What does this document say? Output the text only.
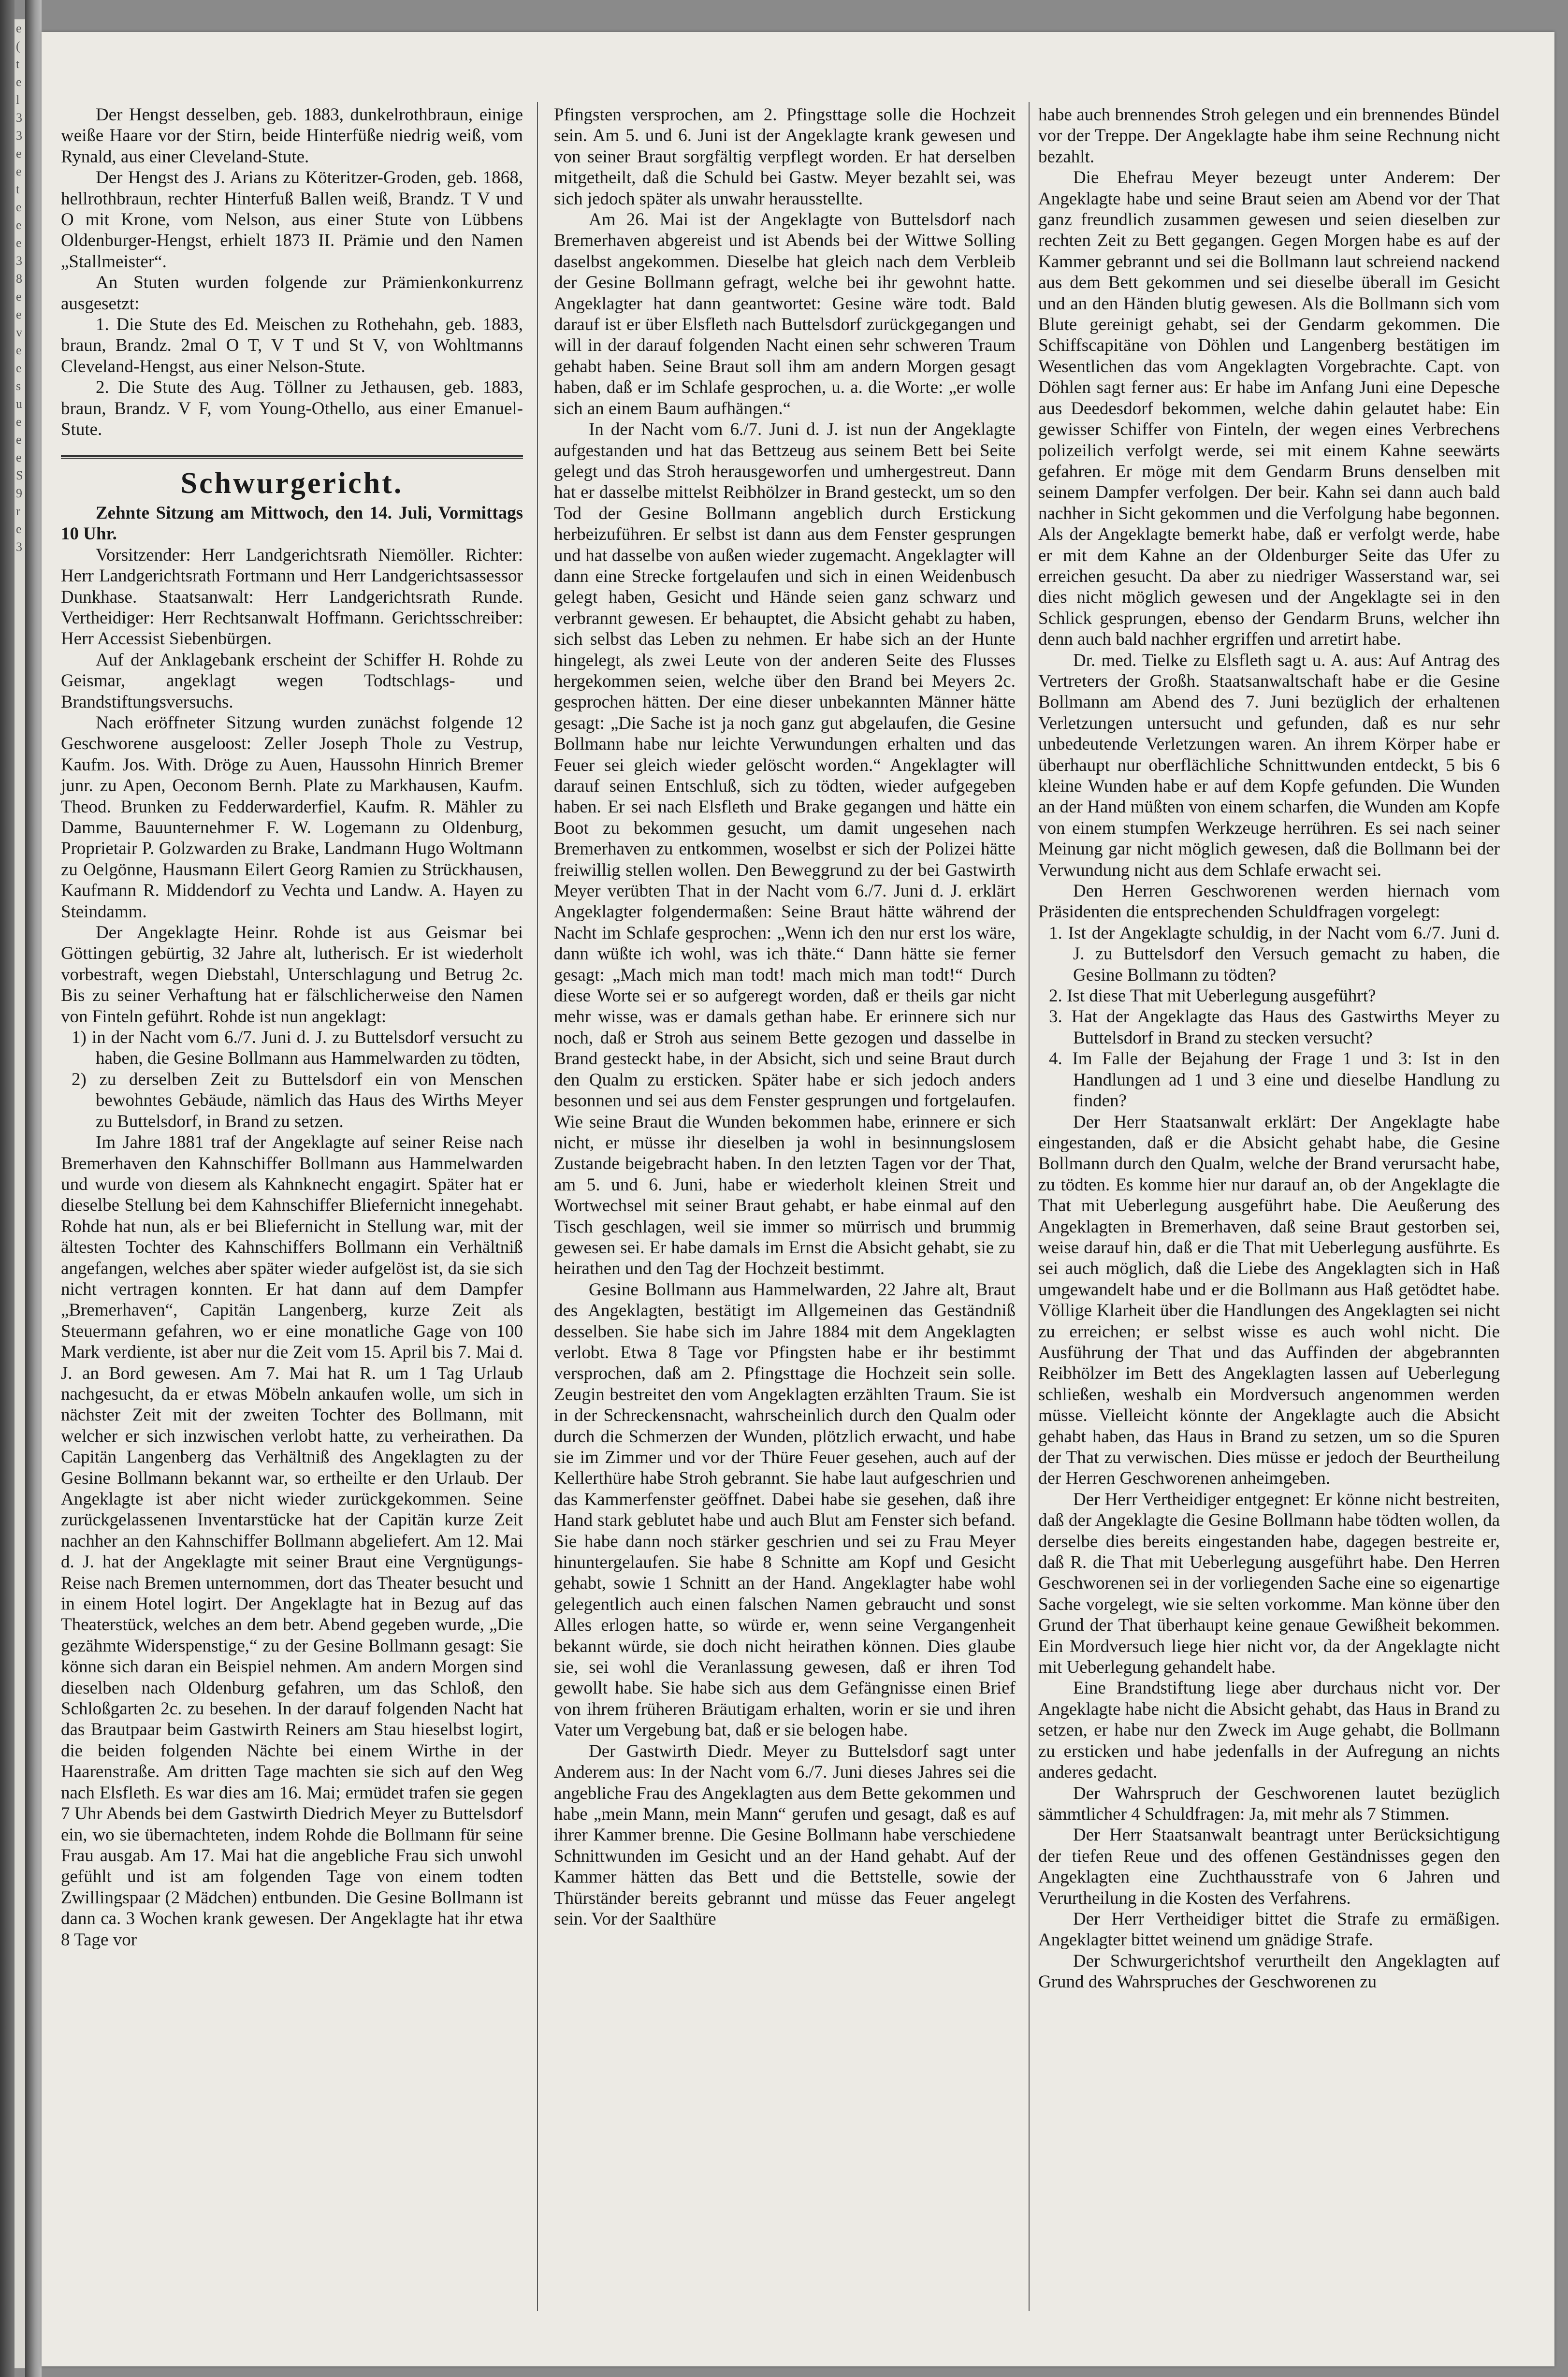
e
(
t
e
l
3
3
e
e
t
e
e
e
3
8
e
e
v
e
e
s
u
e
e
e
S
9
r
e
3

Der Hengst desselben, geb. 1883, dunkelrothbraun, einige weiße Haare vor der Stirn, beide Hinterfüße niedrig weiß, vom Rynald, aus einer Cleveland-Stute.

Der Hengst des J. Arians zu Köteritzer-Groden, geb. 1868, hellrothbraun, rechter Hinterfuß Ballen weiß, Brandz. T V und O mit Krone, vom Nelson, aus einer Stute von Lübbens Oldenburger-Hengst, erhielt 1873 II. Prämie und den Namen „Stallmeister“.

An Stuten wurden folgende zur Prämienkonkurrenz ausgesetzt:

1. Die Stute des Ed. Meischen zu Rothehahn, geb. 1883, braun, Brandz. 2mal O T, V T und St V, von Wohltmanns Cleveland-Hengst, aus einer Nelson-Stute.

2. Die Stute des Aug. Töllner zu Jethausen, geb. 1883, braun, Brandz. V F, vom Young-Othello, aus einer Emanuel-Stute.

Schwurgericht.

Zehnte Sitzung am Mittwoch, den 14. Juli, Vormittags 10 Uhr.

Vorsitzender: Herr Landgerichtsrath Niemöller. Richter: Herr Landgerichtsrath Fortmann und Herr Landgerichtsassessor Dunkhase. Staatsanwalt: Herr Landgerichtsrath Runde. Vertheidiger: Herr Rechtsanwalt Hoffmann. Gerichtsschreiber: Herr Accessist Siebenbürgen.

Auf der Anklagebank erscheint der Schiffer H. Rohde zu Geismar, angeklagt wegen Todtschlags- und Brandstiftungsversuchs.

Nach eröffneter Sitzung wurden zunächst folgende 12 Geschworene ausgeloost: Zeller Joseph Thole zu Vestrup, Kaufm. Jos. With. Dröge zu Auen, Haussohn Hinrich Bremer junr. zu Apen, Oeconom Bernh. Plate zu Markhausen, Kaufm. Theod. Brunken zu Fedderwarderfiel, Kaufm. R. Mähler zu Damme, Bauunternehmer F. W. Logemann zu Oldenburg, Proprietair P. Golzwarden zu Brake, Landmann Hugo Woltmann zu Oelgönne, Hausmann Eilert Georg Ramien zu Strückhausen, Kaufmann R. Middendorf zu Vechta und Landw. A. Hayen zu Steindamm.

Der Angeklagte Heinr. Rohde ist aus Geismar bei Göttingen gebürtig, 32 Jahre alt, lutherisch. Er ist wiederholt vorbestraft, wegen Diebstahl, Unterschlagung und Betrug 2c. Bis zu seiner Verhaftung hat er fälschlicherweise den Namen von Finteln geführt. Rohde ist nun angeklagt:

1) in der Nacht vom 6./7. Juni d. J. zu Buttelsdorf versucht zu haben, die Gesine Bollmann aus Hammelwarden zu tödten,

2) zu derselben Zeit zu Buttelsdorf ein von Menschen bewohntes Gebäude, nämlich das Haus des Wirths Meyer zu Buttelsdorf, in Brand zu setzen.

Im Jahre 1881 traf der Angeklagte auf seiner Reise nach Bremerhaven den Kahnschiffer Bollmann aus Hammelwarden und wurde von diesem als Kahnknecht engagirt. Später hat er dieselbe Stellung bei dem Kahnschiffer Bliefernicht innegehabt. Rohde hat nun, als er bei Bliefernicht in Stellung war, mit der ältesten Tochter des Kahnschiffers Bollmann ein Verhältniß angefangen, welches aber später wieder aufgelöst ist, da sie sich nicht vertragen konnten. Er hat dann auf dem Dampfer „Bremerhaven“, Capitän Langenberg, kurze Zeit als Steuermann gefahren, wo er eine monatliche Gage von 100 Mark verdiente, ist aber nur die Zeit vom 15. April bis 7. Mai d. J. an Bord gewesen. Am 7. Mai hat R. um 1 Tag Urlaub nachgesucht, da er etwas Möbeln ankaufen wolle, um sich in nächster Zeit mit der zweiten Tochter des Bollmann, mit welcher er sich inzwischen verlobt hatte, zu verheirathen. Da Capitän Langenberg das Verhältniß des Angeklagten zu der Gesine Bollmann bekannt war, so ertheilte er den Urlaub. Der Angeklagte ist aber nicht wieder zurückgekommen. Seine zurückgelassenen Inventarstücke hat der Capitän kurze Zeit nachher an den Kahnschiffer Bollmann abgeliefert. Am 12. Mai d. J. hat der Angeklagte mit seiner Braut eine Vergnügungs-Reise nach Bremen unternommen, dort das Theater besucht und in einem Hotel logirt. Der Angeklagte hat in Bezug auf das Theaterstück, welches an dem betr. Abend gegeben wurde, „Die gezähmte Widerspenstige,“ zu der Gesine Bollmann gesagt: Sie könne sich daran ein Beispiel nehmen. Am andern Morgen sind dieselben nach Oldenburg gefahren, um das Schloß, den Schloßgarten 2c. zu besehen. In der darauf folgenden Nacht hat das Brautpaar beim Gastwirth Reiners am Stau hieselbst logirt, die beiden folgenden Nächte bei einem Wirthe in der Haarenstraße. Am dritten Tage machten sie sich auf den Weg nach Elsfleth. Es war dies am 16. Mai; ermüdet trafen sie gegen 7 Uhr Abends bei dem Gastwirth Diedrich Meyer zu Buttelsdorf ein, wo sie übernachteten, indem Rohde die Bollmann für seine Frau ausgab. Am 17. Mai hat die angebliche Frau sich unwohl gefühlt und ist am folgenden Tage von einem todten Zwillingspaar (2 Mädchen) entbunden. Die Gesine Bollmann ist dann ca. 3 Wochen krank gewesen. Der Angeklagte hat ihr etwa 8 Tage vor

Pfingsten versprochen, am 2. Pfingsttage solle die Hochzeit sein. Am 5. und 6. Juni ist der Angeklagte krank gewesen und von seiner Braut sorgfältig verpflegt worden. Er hat derselben mitgetheilt, daß die Schuld bei Gastw. Meyer bezahlt sei, was sich jedoch später als unwahr herausstellte.

Am 26. Mai ist der Angeklagte von Buttelsdorf nach Bremerhaven abgereist und ist Abends bei der Wittwe Solling daselbst angekommen. Dieselbe hat gleich nach dem Verbleib der Gesine Bollmann gefragt, welche bei ihr gewohnt hatte. Angeklagter hat dann geantwortet: Gesine wäre todt. Bald darauf ist er über Elsfleth nach Buttelsdorf zurückgegangen und will in der darauf folgenden Nacht einen sehr schweren Traum gehabt haben. Seine Braut soll ihm am andern Morgen gesagt haben, daß er im Schlafe gesprochen, u. a. die Worte: „er wolle sich an einem Baum aufhängen.“

In der Nacht vom 6./7. Juni d. J. ist nun der Angeklagte aufgestanden und hat das Bettzeug aus seinem Bett bei Seite gelegt und das Stroh herausgeworfen und umhergestreut. Dann hat er dasselbe mittelst Reibhölzer in Brand gesteckt, um so den Tod der Gesine Bollmann angeblich durch Erstickung herbeizuführen. Er selbst ist dann aus dem Fenster gesprungen und hat dasselbe von außen wieder zugemacht. Angeklagter will dann eine Strecke fortgelaufen und sich in einen Weidenbusch gelegt haben, Gesicht und Hände seien ganz schwarz und verbrannt gewesen. Er behauptet, die Absicht gehabt zu haben, sich selbst das Leben zu nehmen. Er habe sich an der Hunte hingelegt, als zwei Leute von der anderen Seite des Flusses hergekommen seien, welche über den Brand bei Meyers 2c. gesprochen hätten. Der eine dieser unbekannten Männer hätte gesagt: „Die Sache ist ja noch ganz gut abgelaufen, die Gesine Bollmann habe nur leichte Verwundungen erhalten und das Feuer sei gleich wieder gelöscht worden.“ Angeklagter will darauf seinen Entschluß, sich zu tödten, wieder aufgegeben haben. Er sei nach Elsfleth und Brake gegangen und hätte ein Boot zu bekommen gesucht, um damit ungesehen nach Bremerhaven zu entkommen, woselbst er sich der Polizei hätte freiwillig stellen wollen. Den Beweggrund zu der bei Gastwirth Meyer verübten That in der Nacht vom 6./7. Juni d. J. erklärt Angeklagter folgendermaßen: Seine Braut hätte während der Nacht im Schlafe gesprochen: „Wenn ich den nur erst los wäre, dann wüßte ich wohl, was ich thäte.“ Dann hätte sie ferner gesagt: „Mach mich man todt! mach mich man todt!“ Durch diese Worte sei er so aufgeregt worden, daß er theils gar nicht mehr wisse, was er damals gethan habe. Er erinnere sich nur noch, daß er Stroh aus seinem Bette gezogen und dasselbe in Brand gesteckt habe, in der Absicht, sich und seine Braut durch den Qualm zu ersticken. Später habe er sich jedoch anders besonnen und sei aus dem Fenster gesprungen und fortgelaufen. Wie seine Braut die Wunden bekommen habe, erinnere er sich nicht, er müsse ihr dieselben ja wohl in besinnungslosem Zustande beigebracht haben. In den letzten Tagen vor der That, am 5. und 6. Juni, habe er wiederholt kleinen Streit und Wortwechsel mit seiner Braut gehabt, er habe einmal auf den Tisch geschlagen, weil sie immer so mürrisch und brummig gewesen sei. Er habe damals im Ernst die Absicht gehabt, sie zu heirathen und den Tag der Hochzeit bestimmt.

Gesine Bollmann aus Hammelwarden, 22 Jahre alt, Braut des Angeklagten, bestätigt im Allgemeinen das Geständniß desselben. Sie habe sich im Jahre 1884 mit dem Angeklagten verlobt. Etwa 8 Tage vor Pfingsten habe er ihr bestimmt versprochen, daß am 2. Pfingsttage die Hochzeit sein solle. Zeugin bestreitet den vom Angeklagten erzählten Traum. Sie ist in der Schreckensnacht, wahrscheinlich durch den Qualm oder durch die Schmerzen der Wunden, plötzlich erwacht, und habe sie im Zimmer und vor der Thüre Feuer gesehen, auch auf der Kellerthüre habe Stroh gebrannt. Sie habe laut aufgeschrien und das Kammerfenster geöffnet. Dabei habe sie gesehen, daß ihre Hand stark geblutet habe und auch Blut am Fenster sich befand. Sie habe dann noch stärker geschrien und sei zu Frau Meyer hinuntergelaufen. Sie habe 8 Schnitte am Kopf und Gesicht gehabt, sowie 1 Schnitt an der Hand. Angeklagter habe wohl gelegentlich auch einen falschen Namen gebraucht und sonst Alles erlogen hatte, so würde er, wenn seine Vergangenheit bekannt würde, sie doch nicht heirathen können. Dies glaube sie, sei wohl die Veranlassung gewesen, daß er ihren Tod gewollt habe. Sie habe sich aus dem Gefängnisse einen Brief von ihrem früheren Bräutigam erhalten, worin er sie und ihren Vater um Vergebung bat, daß er sie belogen habe.

Der Gastwirth Diedr. Meyer zu Buttelsdorf sagt unter Anderem aus: In der Nacht vom 6./7. Juni dieses Jahres sei die angebliche Frau des Angeklagten aus dem Bette gekommen und habe „mein Mann, mein Mann“ gerufen und gesagt, daß es auf ihrer Kammer brenne. Die Gesine Bollmann habe verschiedene Schnittwunden im Gesicht und an der Hand gehabt. Auf der Kammer hätten das Bett und die Bettstelle, sowie der Thürständer bereits gebrannt und müsse das Feuer angelegt sein. Vor der Saalthüre

habe auch brennendes Stroh gelegen und ein brennendes Bündel vor der Treppe. Der Angeklagte habe ihm seine Rechnung nicht bezahlt.

Die Ehefrau Meyer bezeugt unter Anderem: Der Angeklagte habe und seine Braut seien am Abend vor der That ganz freundlich zusammen gewesen und seien dieselben zur rechten Zeit zu Bett gegangen. Gegen Morgen habe es auf der Kammer gebrannt und sei die Bollmann laut schreiend nackend aus dem Bett gekommen und sei dieselbe überall im Gesicht und an den Händen blutig gewesen. Als die Bollmann sich vom Blute gereinigt gehabt, sei der Gendarm gekommen. Die Schiffscapitäne von Döhlen und Langenberg bestätigen im Wesentlichen das vom Angeklagten Vorgebrachte. Capt. von Döhlen sagt ferner aus: Er habe im Anfang Juni eine Depesche aus Deedesdorf bekommen, welche dahin gelautet habe: Ein gewisser Schiffer von Finteln, der wegen eines Verbrechens polizeilich verfolgt werde, sei mit einem Kahne seewärts gefahren. Er möge mit dem Gendarm Bruns denselben mit seinem Dampfer verfolgen. Der beir. Kahn sei dann auch bald nachher in Sicht gekommen und die Verfolgung habe begonnen. Als der Angeklagte bemerkt habe, daß er verfolgt werde, habe er mit dem Kahne an der Oldenburger Seite das Ufer zu erreichen gesucht. Da aber zu niedriger Wasserstand war, sei dies nicht möglich gewesen und der Angeklagte sei in den Schlick gesprungen, ebenso der Gendarm Bruns, welcher ihn denn auch bald nachher ergriffen und arretirt habe.

Dr. med. Tielke zu Elsfleth sagt u. A. aus: Auf Antrag des Vertreters der Großh. Staatsanwaltschaft habe er die Gesine Bollmann am Abend des 7. Juni bezüglich der erhaltenen Verletzungen untersucht und gefunden, daß es nur sehr unbedeutende Verletzungen waren. An ihrem Körper habe er überhaupt nur oberflächliche Schnittwunden entdeckt, 5 bis 6 kleine Wunden habe er auf dem Kopfe gefunden. Die Wunden an der Hand müßten von einem scharfen, die Wunden am Kopfe von einem stumpfen Werkzeuge herrühren. Es sei nach seiner Meinung gar nicht möglich gewesen, daß die Bollmann bei der Verwundung nicht aus dem Schlafe erwacht sei.

Den Herren Geschworenen werden hiernach vom Präsidenten die entsprechenden Schuldfragen vorgelegt:

1. Ist der Angeklagte schuldig, in der Nacht vom 6./7. Juni d. J. zu Buttelsdorf den Versuch gemacht zu haben, die Gesine Bollmann zu tödten?

2. Ist diese That mit Ueberlegung ausgeführt?

3. Hat der Angeklagte das Haus des Gastwirths Meyer zu Buttelsdorf in Brand zu stecken versucht?

4. Im Falle der Bejahung der Frage 1 und 3: Ist in den Handlungen ad 1 und 3 eine und dieselbe Handlung zu finden?

Der Herr Staatsanwalt erklärt: Der Angeklagte habe eingestanden, daß er die Absicht gehabt habe, die Gesine Bollmann durch den Qualm, welche der Brand verursacht habe, zu tödten. Es komme hier nur darauf an, ob der Angeklagte die That mit Ueberlegung ausgeführt habe. Die Aeußerung des Angeklagten in Bremerhaven, daß seine Braut gestorben sei, weise darauf hin, daß er die That mit Ueberlegung ausführte. Es sei auch möglich, daß die Liebe des Angeklagten sich in Haß umgewandelt habe und er die Bollmann aus Haß getödtet habe. Völlige Klarheit über die Handlungen des Angeklagten sei nicht zu erreichen; er selbst wisse es auch wohl nicht. Die Ausführung der That und das Auffinden der abgebrannten Reibhölzer im Bett des Angeklagten lassen auf Ueberlegung schließen, weshalb ein Mordversuch angenommen werden müsse. Vielleicht könnte der Angeklagte auch die Absicht gehabt haben, das Haus in Brand zu setzen, um so die Spuren der That zu verwischen. Dies müsse er jedoch der Beurtheilung der Herren Geschworenen anheimgeben.

Der Herr Vertheidiger entgegnet: Er könne nicht bestreiten, daß der Angeklagte die Gesine Bollmann habe tödten wollen, da derselbe dies bereits eingestanden habe, dagegen bestreite er, daß R. die That mit Ueberlegung ausgeführt habe. Den Herren Geschworenen sei in der vorliegenden Sache eine so eigenartige Sache vorgelegt, wie sie selten vorkomme. Man könne über den Grund der That überhaupt keine genaue Gewißheit bekommen. Ein Mordversuch liege hier nicht vor, da der Angeklagte nicht mit Ueberlegung gehandelt habe.

Eine Brandstiftung liege aber durchaus nicht vor. Der Angeklagte habe nicht die Absicht gehabt, das Haus in Brand zu setzen, er habe nur den Zweck im Auge gehabt, die Bollmann zu ersticken und habe jedenfalls in der Aufregung an nichts anderes gedacht.

Der Wahrspruch der Geschworenen lautet bezüglich sämmtlicher 4 Schuldfragen: Ja, mit mehr als 7 Stimmen.

Der Herr Staatsanwalt beantragt unter Berücksichtigung der tiefen Reue und des offenen Geständnisses gegen den Angeklagten eine Zuchthausstrafe von 6 Jahren und Verurtheilung in die Kosten des Verfahrens.

Der Herr Vertheidiger bittet die Strafe zu ermäßigen. Angeklagter bittet weinend um gnädige Strafe.

Der Schwurgerichtshof verurtheilt den Angeklagten auf Grund des Wahrspruches der Geschworenen zu
